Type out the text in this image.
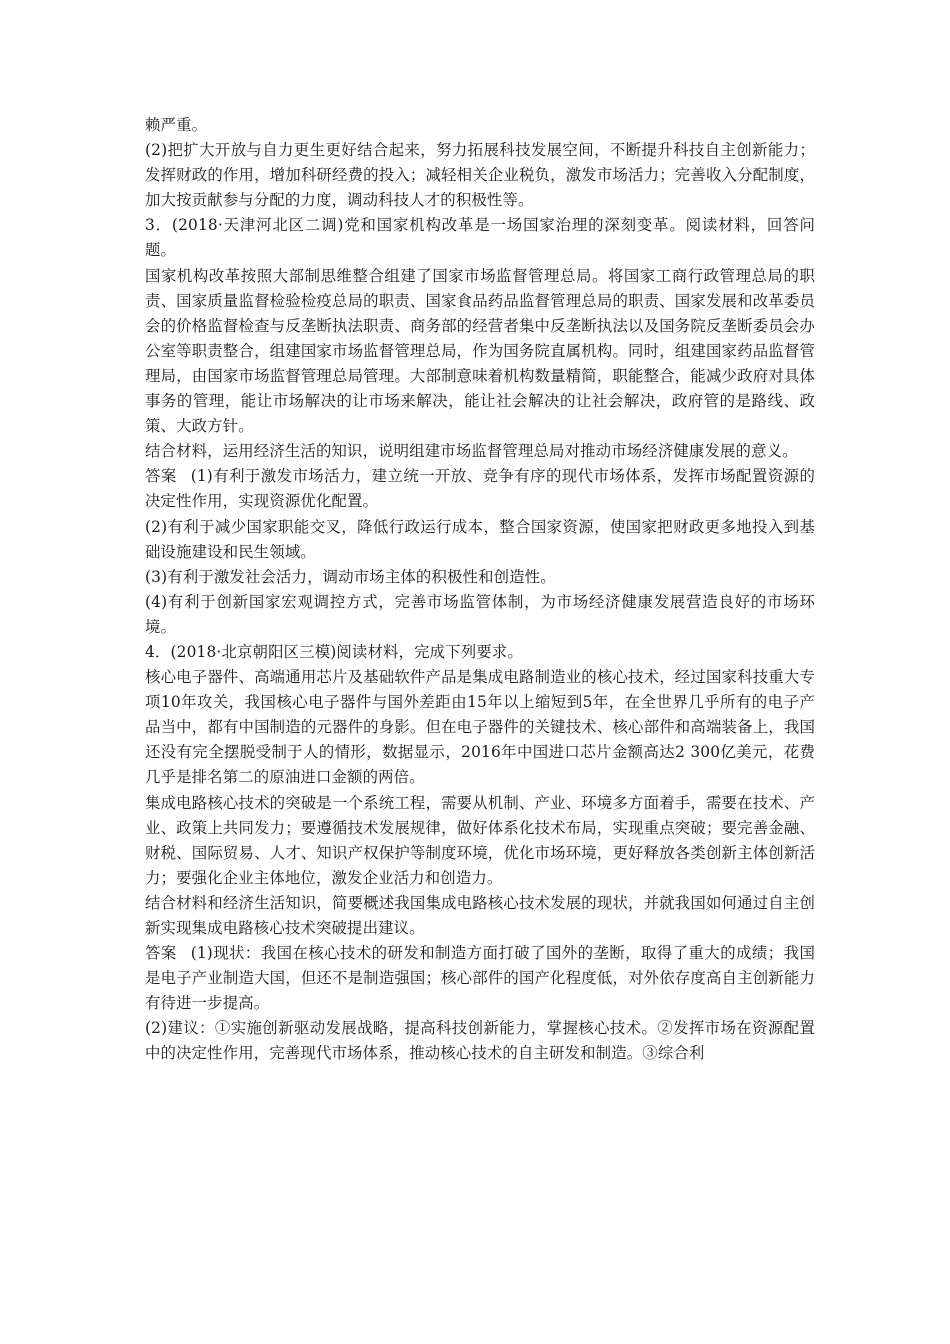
赖严重。

(2)把扩大开放与自力更生更好结合起来，努力拓展科技发展空间，不断提升科技自主创新能力；发挥财政的作用，增加科研经费的投入；减轻相关企业税负，激发市场活力；完善收入分配制度，加大按贡献参与分配的力度，调动科技人才的积极性等。

3．(2018·天津河北区二调)党和国家机构改革是一场国家治理的深刻变革。阅读材料，回答问题。

国家机构改革按照大部制思维整合组建了国家市场监督管理总局。将国家工商行政管理总局的职责、国家质量监督检验检疫总局的职责、国家食品药品监督管理总局的职责、国家发展和改革委员会的价格监督检查与反垄断执法职责、商务部的经营者集中反垄断执法以及国务院反垄断委员会办公室等职责整合，组建国家市场监督管理总局，作为国务院直属机构。同时，组建国家药品监督管理局，由国家市场监督管理总局管理。大部制意味着机构数量精简，职能整合，能减少政府对具体事务的管理，能让市场解决的让市场来解决，能让社会解决的让社会解决，政府管的是路线、政策、大政方针。

结合材料，运用经济生活的知识，说明组建市场监督管理总局对推动市场经济健康发展的意义。

答案 (1)有利于激发市场活力，建立统一开放、竞争有序的现代市场体系，发挥市场配置资源的决定性作用，实现资源优化配置。

(2)有利于减少国家职能交叉，降低行政运行成本，整合国家资源，使国家把财政更多地投入到基础设施建设和民生领域。

(3)有利于激发社会活力，调动市场主体的积极性和创造性。

(4)有利于创新国家宏观调控方式，完善市场监管体制，为市场经济健康发展营造良好的市场环境。

4．(2018·北京朝阳区三模)阅读材料，完成下列要求。

核心电子器件、高端通用芯片及基础软件产品是集成电路制造业的核心技术，经过国家科技重大专项10年攻关，我国核心电子器件与国外差距由15年以上缩短到5年，在全世界几乎所有的电子产品当中，都有中国制造的元器件的身影。但在电子器件的关键技术、核心部件和高端装备上，我国还没有完全摆脱受制于人的情形，数据显示，2016年中国进口芯片金额高达2 300亿美元，花费几乎是排名第二的原油进口金额的两倍。

集成电路核心技术的突破是一个系统工程，需要从机制、产业、环境多方面着手，需要在技术、产业、政策上共同发力；要遵循技术发展规律，做好体系化技术布局，实现重点突破；要完善金融、财税、国际贸易、人才、知识产权保护等制度环境，优化市场环境，更好释放各类创新主体创新活力；要强化企业主体地位，激发企业活力和创造力。

结合材料和经济生活知识，简要概述我国集成电路核心技术发展的现状，并就我国如何通过自主创新实现集成电路核心技术突破提出建议。

答案 (1)现状：我国在核心技术的研发和制造方面打破了国外的垄断，取得了重大的成绩；我国是电子产业制造大国，但还不是制造强国；核心部件的国产化程度低，对外依存度高自主创新能力有待进一步提高。

(2)建议：①实施创新驱动发展战略，提高科技创新能力，掌握核心技术。②发挥市场在资源配置中的决定性作用，完善现代市场体系，推动核心技术的自主研发和制造。③综合利
